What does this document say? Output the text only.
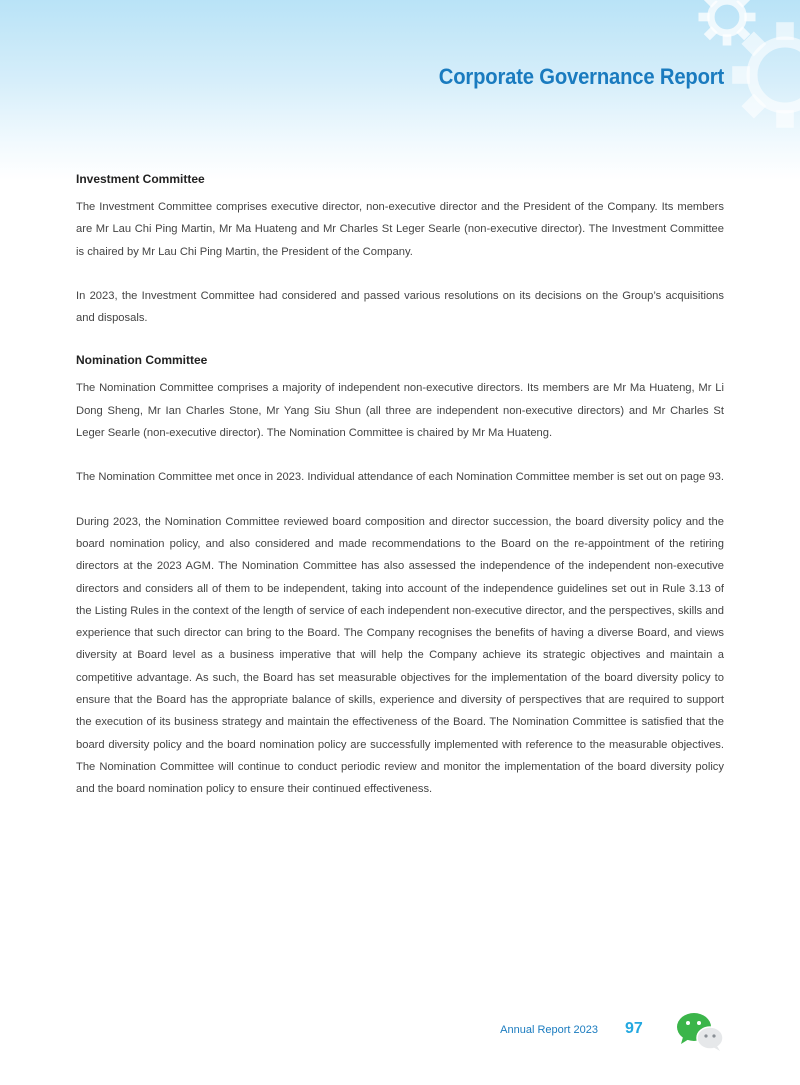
Corporate Governance Report
Investment Committee

The Investment Committee comprises executive director, non-executive director and the President of the Company. Its members are Mr Lau Chi Ping Martin, Mr Ma Huateng and Mr Charles St Leger Searle (non-executive director). The Investment Committee is chaired by Mr Lau Chi Ping Martin, the President of the Company.

In 2023, the Investment Committee had considered and passed various resolutions on its decisions on the Group’s acquisitions and disposals.

Nomination Committee

The Nomination Committee comprises a majority of independent non-executive directors. Its members are Mr Ma Huateng, Mr Li Dong Sheng, Mr Ian Charles Stone, Mr Yang Siu Shun (all three are independent non-executive directors) and Mr Charles St Leger Searle (non-executive director). The Nomination Committee is chaired by Mr Ma Huateng.

The Nomination Committee met once in 2023. Individual attendance of each Nomination Committee member is set out on page 93.

During 2023, the Nomination Committee reviewed board composition and director succession, the board diversity policy and the board nomination policy, and also considered and made recommendations to the Board on the re-appointment of the retiring directors at the 2023 AGM. The Nomination Committee has also assessed the independence of the independent non-executive directors and considers all of them to be independent, taking into account of the independence guidelines set out in Rule 3.13 of the Listing Rules in the context of the length of service of each independent non-executive director, and the perspectives, skills and experience that such director can bring to the Board. The Company recognises the benefits of having a diverse Board, and views diversity at Board level as a business imperative that will help the Company achieve its strategic objectives and maintain a competitive advantage. As such, the Board has set measurable objectives for the implementation of the board diversity policy to ensure that the Board has the appropriate balance of skills, experience and diversity of perspectives that are required to support the execution of its business strategy and maintain the effectiveness of the Board. The Nomination Committee is satisfied that the board diversity policy and the board nomination policy are successfully implemented with reference to the measurable objectives. The Nomination Committee will continue to conduct periodic review and monitor the implementation of the board diversity policy and the board nomination policy to ensure their continued effectiveness.

Annual Report 2023 97
